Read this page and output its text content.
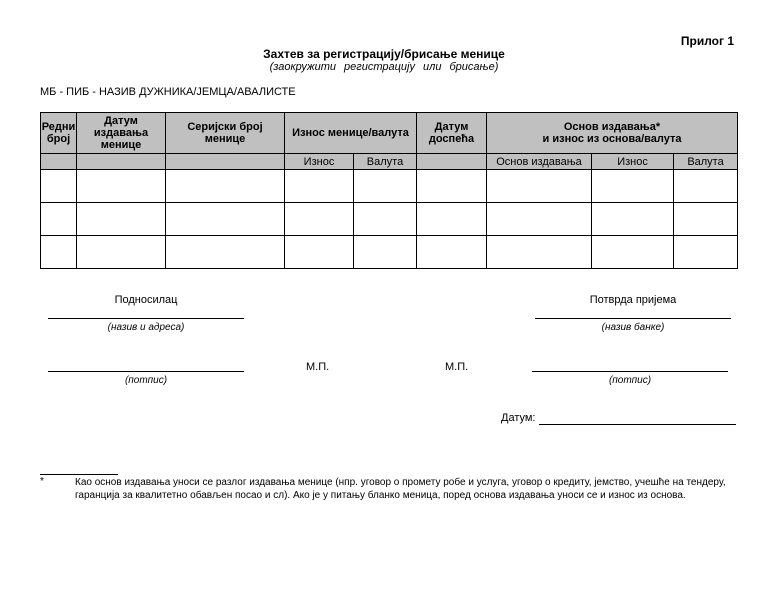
Прилог 1
Захтев за регистрацију/брисање менице
(заокружити регистрацију или брисање)
МБ - ПИБ - НАЗИВ ДУЖНИКА/ЈЕМЦА/АВАЛИСТЕ
Редни број	Датум издавања менице	Серијски број менице	Износ менице/валута		Датум доспећа	Основ издавања*
и износ из основа/валута		

			Износ	Валута		Основ издавања	Износ	Валута

Подносилац
(назив и адреса)
(потпис)
М.П.	М.П.
Потврда пријема
(назив банке)
(потпис)
Датум:
*	Као основ издавања уноси се разлог издавања менице (нпр. уговор о промету робе и услуга, уговор о кредиту, јемство, учешће на тендеру, гаранција за квалитетно обављен посао и сл). Ако је у питању бланко меница, поред основа издавања уноси се и износ из основа.
